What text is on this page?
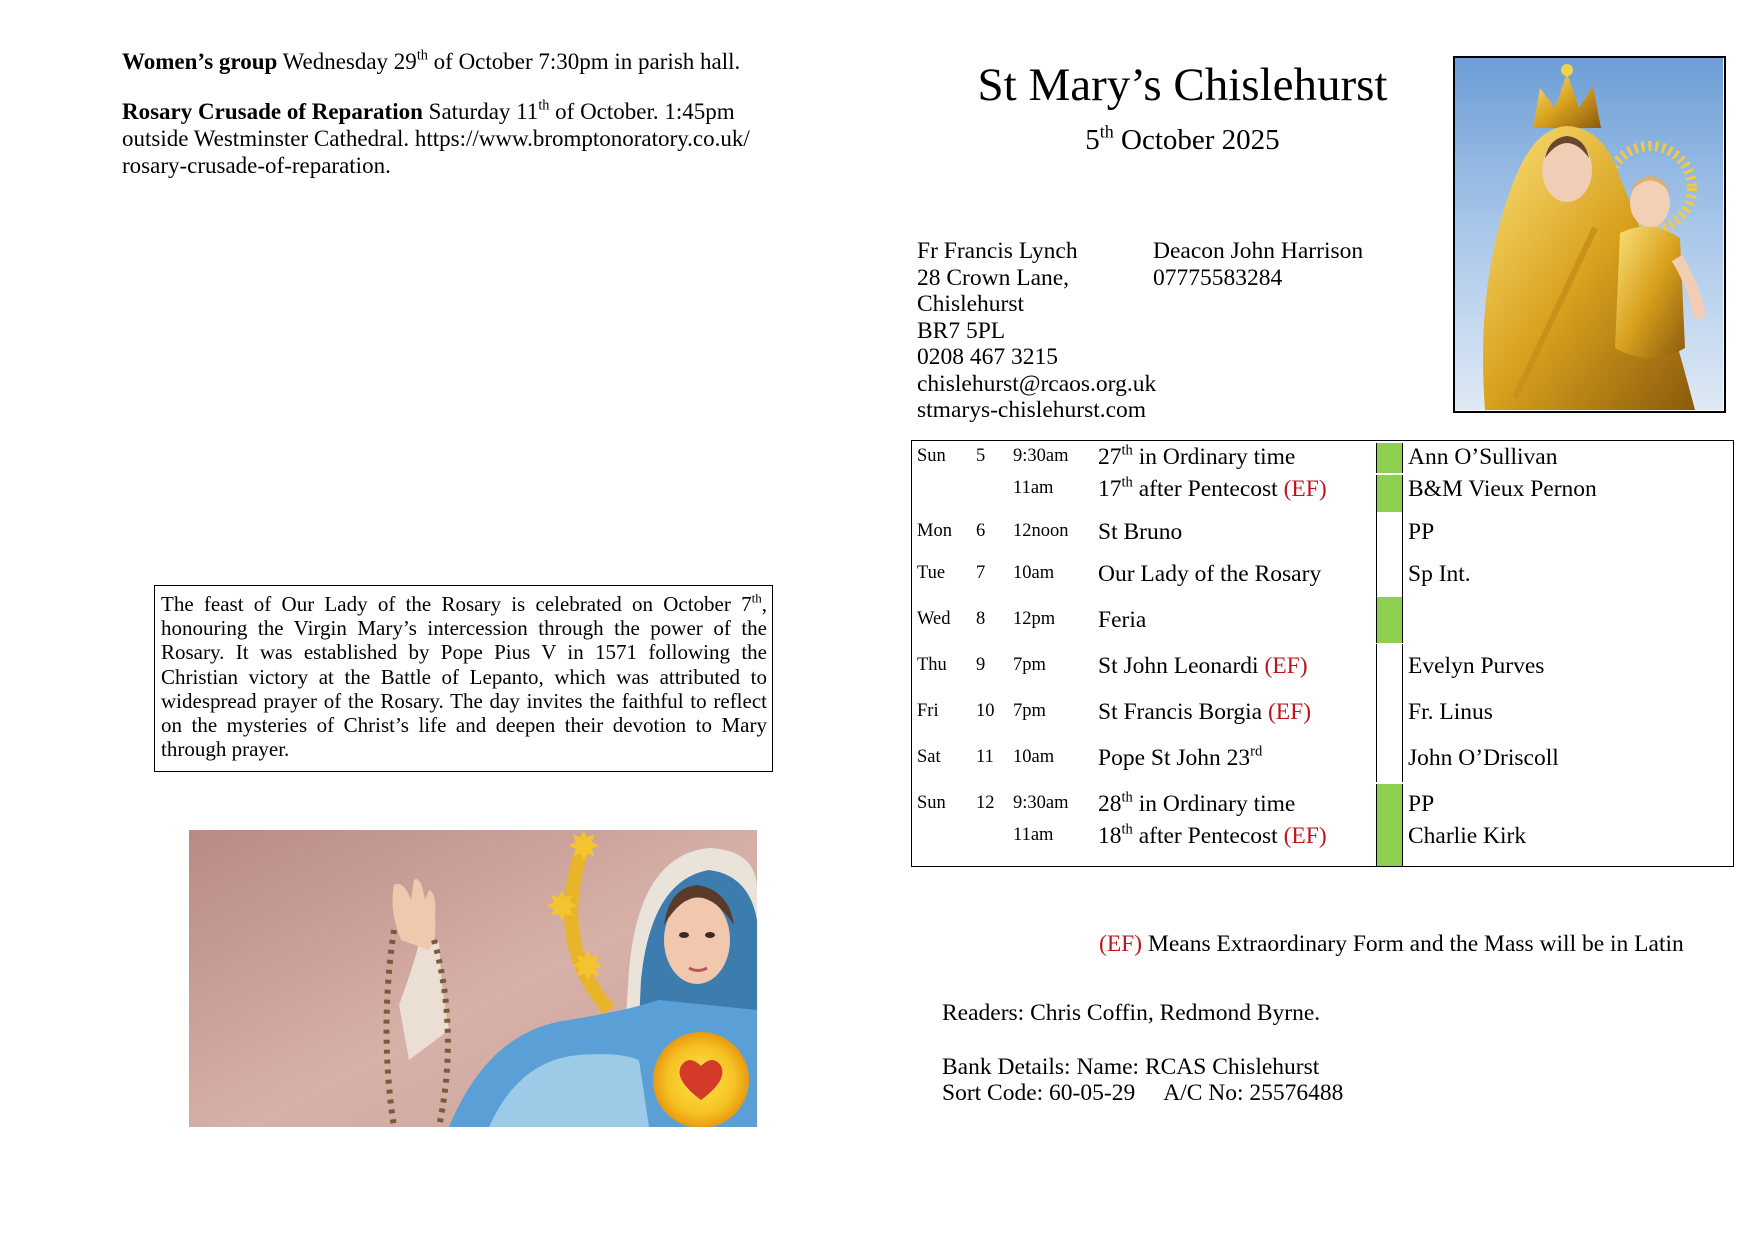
Women’s group Wednesday 29th of October 7:30pm in parish hall.

Rosary Crusade of Reparation Saturday 11th of October. 1:45pm
outside Westminster Cathedral. https://www.bromptonoratory.co.uk/
rosary-crusade-of-reparation.

The feast of Our Lady of the Rosary is celebrated on October 7th, honouring the Virgin Mary’s intercession through the power of the Rosary. It was established by Pope Pius V in 1571 following the Christian victory at the Battle of Lepanto, which was attributed to widespread prayer of the Rosary. The day invites the faithful to reflect on the mysteries of Christ’s life and deepen their devotion to Mary through prayer.
✸
✸
✸
St Mary’s Chislehurst
5th October 2025
Fr Francis Lynch
28 Crown Lane,
Chislehurst
BR7 5PL
0208 467 3215
chislehurst@rcaos.org.uk
stmarys-chislehurst.com
Deacon John Harrison
07775583284
Sun 5 9:30am 27th in Ordinary time	Ann O’Sullivan
11am 17th after Pentecost (EF)	B&M Vieux Pernon
Mon 6 12noon St Bruno	PP
Tue 7 10am Our Lady of the Rosary	Sp Int.
Wed 8 12pm Feria
Thu 9 7pm St John Leonardi (EF)	Evelyn Purves
Fri 10 7pm St Francis Borgia (EF)	Fr. Linus
Sat 11 10am Pope St John 23rd	John O’Driscoll
Sun 12 9:30am 28th in Ordinary time	PP
11am 18th after Pentecost (EF)	Charlie Kirk
(EF) Means Extraordinary Form and the Mass will be in Latin
Readers: Chris Coffin, Redmond Byrne.
Bank Details: Name: RCAS Chislehurst
Sort Code: 60-05-29 A/C No: 25576488
